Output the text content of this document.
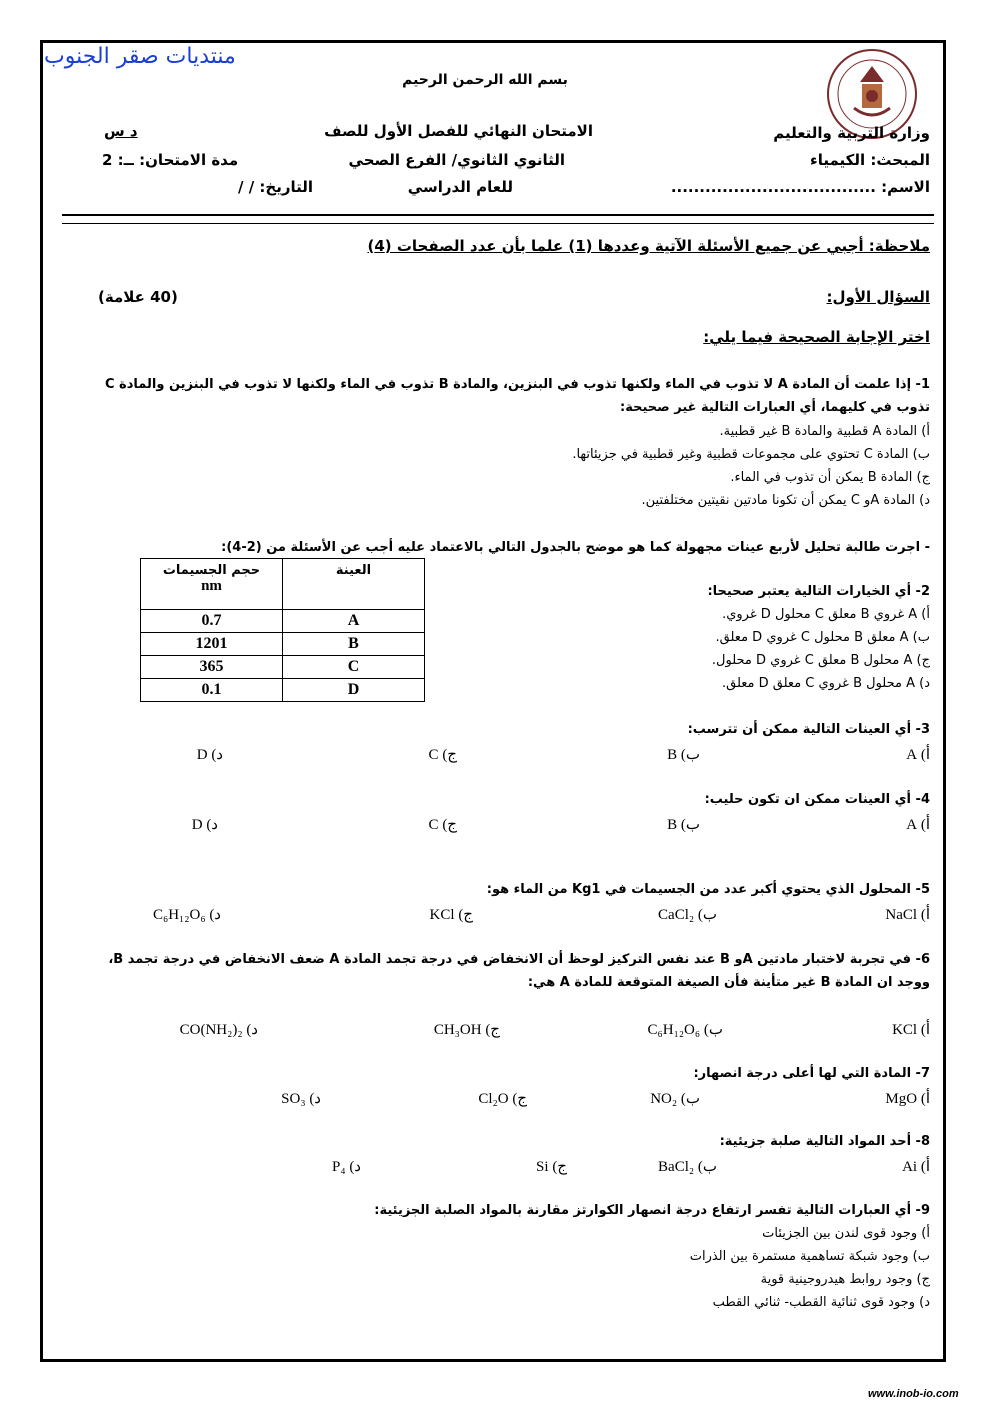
منتديات صقر الجنوب
بسم الله الرحمن الرحيم
وزارة التربية والتعليم
المبحث: الكيمياء
الاسم: ....................................
الامتحان النهائي للفصل الأول للصف
الثانوي الثانوي/ الفرع الصحي
للعام الدراسي
د س
مدة الامتحان: ــ: 2
التاريخ: / /
ملاحظة: أجبي عن جميع الأسئلة الآتية وعددها (1) علما بأن عدد الصفحات (4)
السؤال الأول:
(40 علامة)
اختر الإجابة الصحيحة فيما يلي:
1- إذا علمت أن المادة A لا تذوب في الماء ولكنها تذوب في البنزين، والمادة B تذوب في الماء ولكنها لا تذوب في البنزين والمادة C
تذوب في كليهما، أي العبارات التالية غير صحيحة:
أ) المادة A قطبية والمادة B غير قطبية.
ب) المادة C تحتوي على مجموعات قطبية وغير قطبية في جزيئاتها.
ج) المادة B يمكن أن تذوب في الماء.
د) المادة Aو C يمكن أن تكونا مادتين نقيتين مختلفتين.
- اجرت طالبة تحليل لأربع عينات مجهولة كما هو موضح بالجدول التالي بالاعتماد عليه أجب عن الأسئلة من (2-4):
العينة	حجم الجسيمات
nm
A	0.7
B	1201
C	365
D	0.1
2- أي الخيارات التالية يعتبر صحيحا:
أ) A غروي B معلق C محلول D غروي.
ب) A معلق B محلول C غروي D معلق.
ج) A محلول B معلق C غروي D محلول.
د) A محلول B غروي C معلق D معلق.
3- أي العينات التالية ممكن أن تترسب:
أ) A
ب) B
ج) C
د) D
4- أي العينات ممكن ان تكون حليب:
أ) A
ب) B
ج) C
د) D
5- المحلول الذي يحتوي أكبر عدد من الجسيمات في Kg1 من الماء هو:
أ) NaCl
ب) CaCl₂
ج) KCl
د) C₆H₁₂O₆
6- في تجربة لاختبار مادتين Aو B عند نفس التركيز لوحظ أن الانخفاض في درجة تجمد المادة A ضعف الانخفاض في درجة تجمد B،
ووجد ان المادة B غير متأينة فأن الصيغة المتوقعة للمادة A هي:
أ) KCl
ب) C₆H₁₂O₆
ج) CH₃OH
د) CO(NH₂)₂
7- المادة التي لها أعلى درجة انصهار:
أ) MgO
ب) NO₂
ج) Cl₂O
د) SO₃
8- أحد المواد التالية صلبة جزيئية:
أ) Ai
ب) BaCl₂
ج) Si
د) P₄
9- أي العبارات التالية تفسر ارتفاع درجة انصهار الكوارتز مقارنة بالمواد الصلبة الجزيئية:
أ) وجود قوى لندن بين الجزيئات
ب) وجود شبكة تساهمية مستمرة بين الذرات
ج) وجود روابط هيدروجينية قوية
د) وجود قوى ثنائية القطب- ثنائي القطب
www.inob-io.com
